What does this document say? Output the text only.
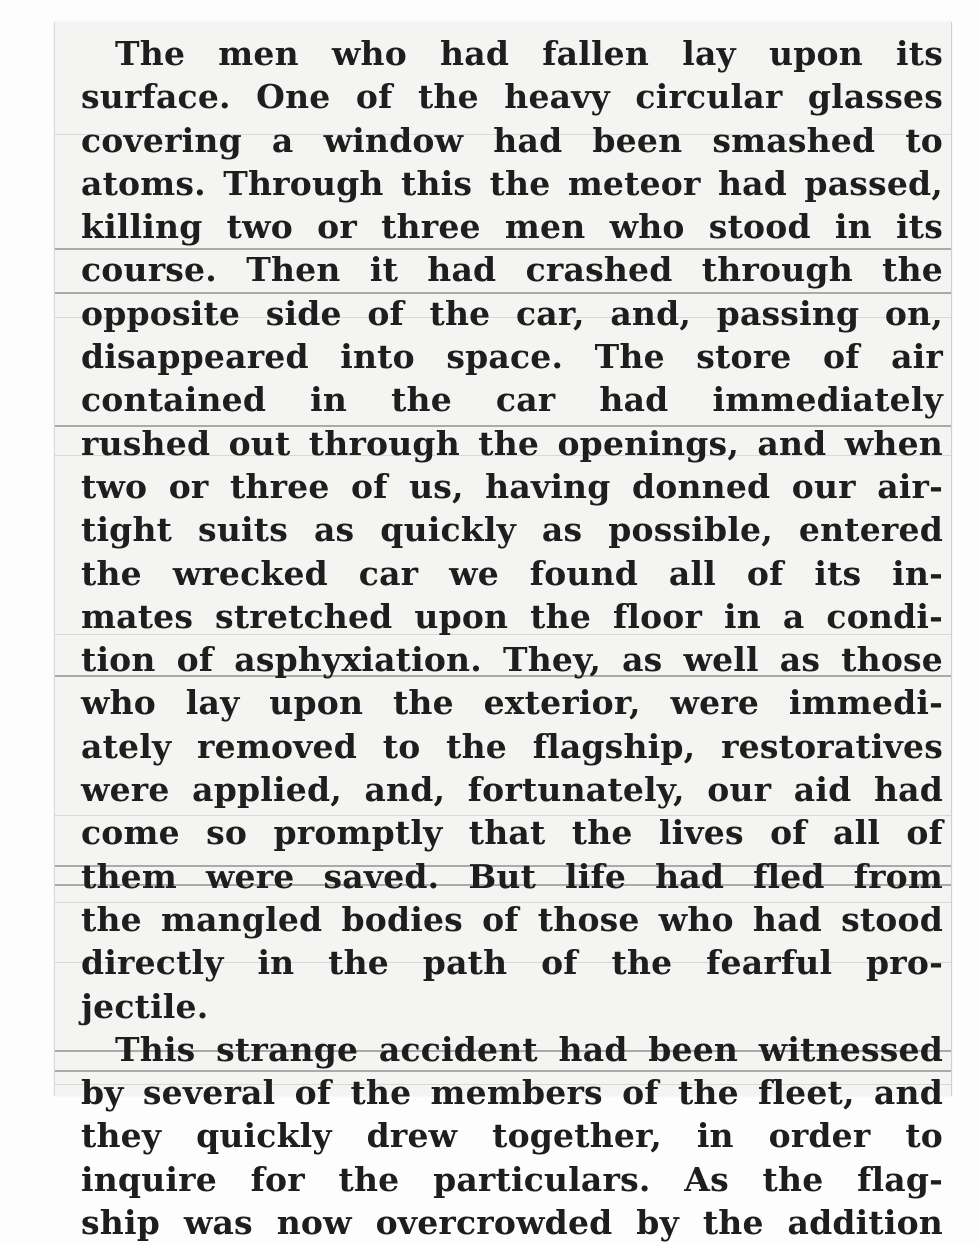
The men who had fallen lay upon its
surface. One of the heavy circular glasses
covering a window had been smashed to
atoms. Through this the meteor had passed,
killing two or three men who stood in its
course. Then it had crashed through the
opposite side of the car, and, passing on,
disappeared into space. The store of air
contained in the car had immediately
rushed out through the openings, and when
two or three of us, having donned our air-
tight suits as quickly as possible, entered
the wrecked car we found all of its in-
mates stretched upon the floor in a condi-
tion of asphyxiation. They, as well as those
who lay upon the exterior, were immedi-
ately removed to the flagship, restoratives
were applied, and, fortunately, our aid had
come so promptly that the lives of all of
them were saved. But life had fled from
the mangled bodies of those who had stood
directly in the path of the fearful pro-
jectile.
This strange accident had been witnessed
by several of the members of the fleet, and
they quickly drew together, in order to
inquire for the particulars. As the flag-
ship was now overcrowded by the addition
